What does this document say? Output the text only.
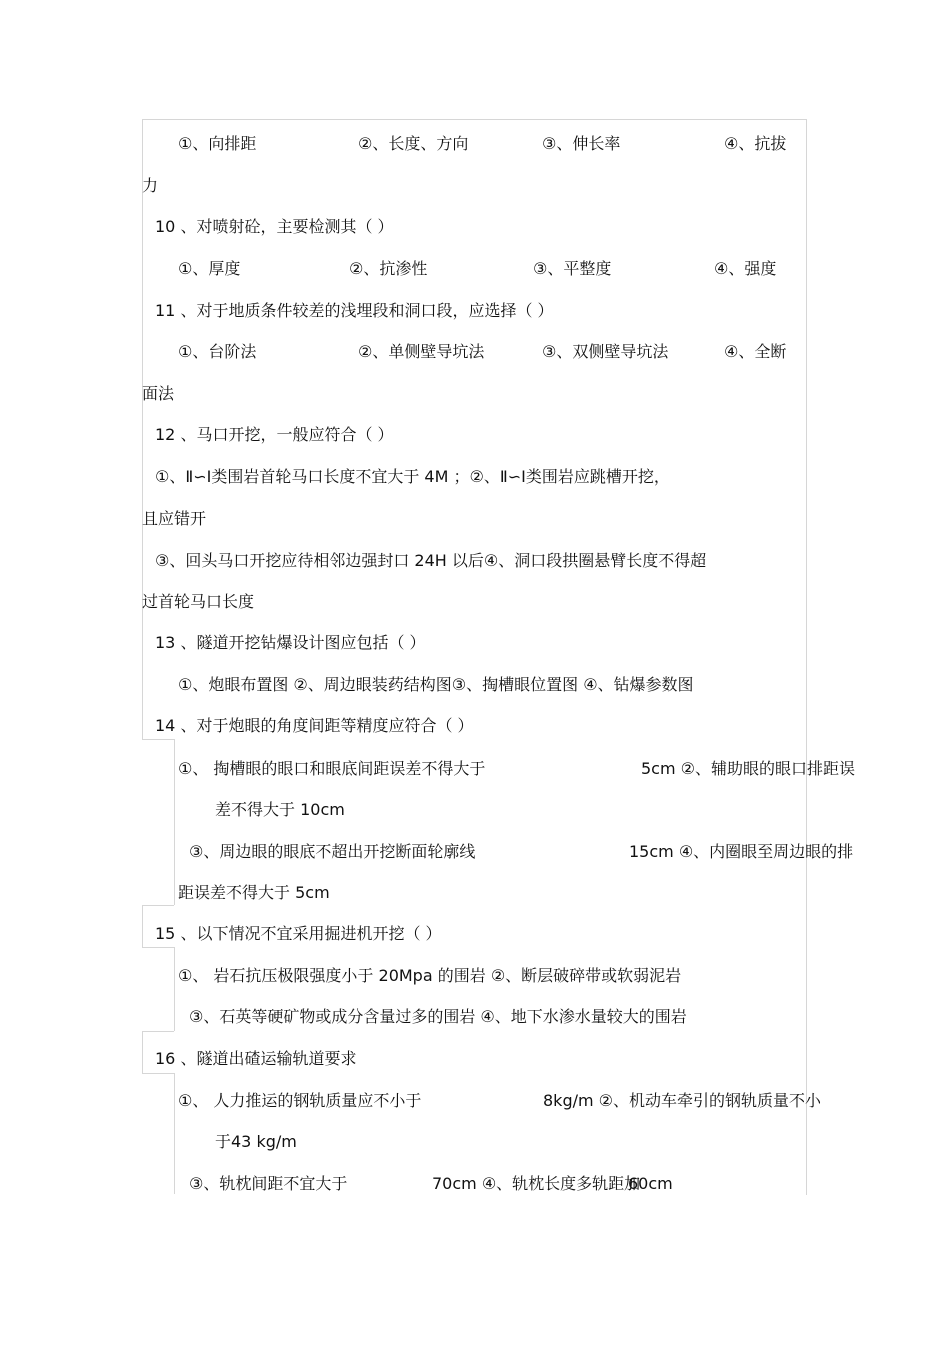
①、向排距	②、长度、方向	③、伸长率	④、抗拔
力
10 、对喷射砼，主要检测其（ ）
①、厚度	②、抗渗性	③、平整度	④、强度
11 、对于地质条件较差的浅埋段和洞口段，应选择（ ）
①、台阶法	②、单侧壁导坑法	③、双侧壁导坑法	④、全断
面法
12 、马口开挖，一般应符合（ ）
①、Ⅱ∽Ⅰ类围岩首轮马口长度不宜大于 4M ；②、Ⅱ∽Ⅰ类围岩应跳槽开挖，
且应错开
③、回头马口开挖应待相邻边强封口 24H 以后④、洞口段拱圈悬臂长度不得超
过首轮马口长度
13 、隧道开挖钻爆设计图应包括（ ）
①、炮眼布置图 ②、周边眼装药结构图③、掏槽眼位置图 ④、钻爆参数图
14 、对于炮眼的角度间距等精度应符合（ ）
①、 掏槽眼的眼口和眼底间距误差不得大于	5cm ②、辅助眼的眼口排距误
差不得大于 10cm
③、周边眼的眼底不超出开挖断面轮廓线	15cm ④、内圈眼至周边眼的排
距误差不得大于 5cm
15 、以下情况不宜采用掘进机开挖（ ）
①、 岩石抗压极限强度小于 20Mpa 的围岩 ②、断层破碎带或软弱泥岩
③、石英等硬矿物或成分含量过多的围岩 ④、地下水渗水量较大的围岩
16 、隧道出碴运输轨道要求
①、 人力推运的钢轨质量应不小于	8kg/m ②、机动车牵引的钢轨质量不小
于43 kg/m
③、轨枕间距不宜大于	70cm ④、轨枕长度多轨距加
60cm
